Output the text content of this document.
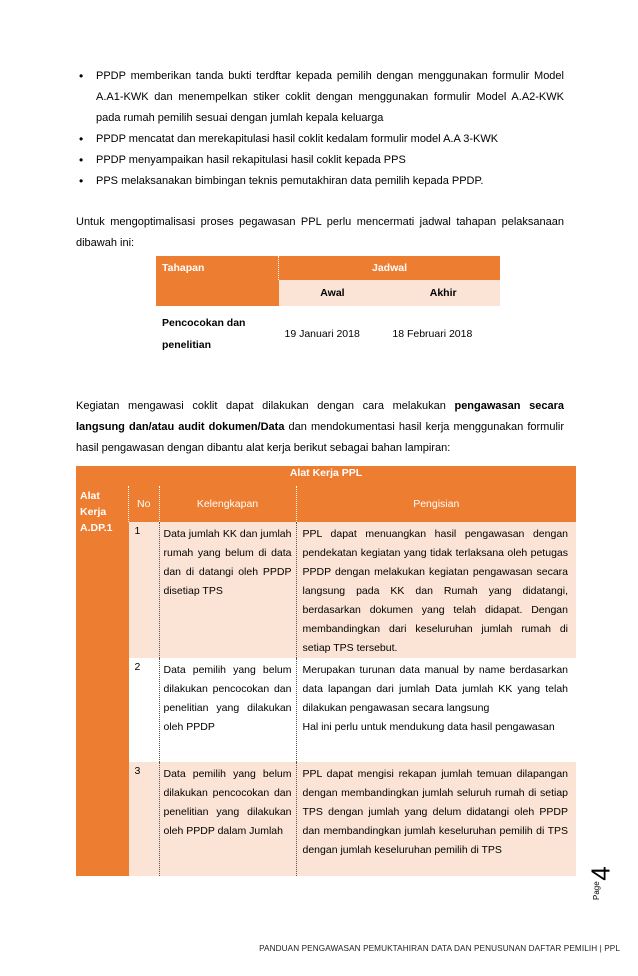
• PPDP memberikan tanda bukti terdftar kepada pemilih dengan menggunakan formulir Model A.A1-KWK dan menempelkan stiker coklit dengan menggunakan formulir Model A.A2-KWK pada rumah pemilih sesuai dengan jumlah kepala keluarga
• PPDP mencatat dan merekapitulasi hasil coklit kedalam formulir model A.A 3-KWK
• PPDP menyampaikan hasil rekapitulasi hasil coklit kepada PPS
• PPS melaksanakan bimbingan teknis pemutakhiran data pemilih kepada PPDP.

Untuk mengoptimalisasi proses pegawasan PPL perlu mencermati jadwal tahapan pelaksanaan dibawah ini:

Tahapan	Jadwal	
	Awal	Akhir
Pencocokan dan penelitian	19 Januari 2018	18 Februari 2018

Kegiatan mengawasi coklit dapat dilakukan dengan cara melakukan pengawasan secara langsung dan/atau audit dokumen/Data dan mendokumentasi hasil kerja menggunakan formulir hasil pengawasan dengan dibantu alat kerja berikut sebagai bahan lampiran:

Alat Kerja PPL			
Alat Kerja	No	Kelengkapan	Pengisian
A.DP.1	1	Data jumlah KK dan jumlah rumah yang belum di data dan di datangi oleh PPDP disetiap TPS	PPL dapat menuangkan hasil pengawasan dengan pendekatan kegiatan yang tidak terlaksana oleh petugas PPDP dengan melakukan kegiatan pengawasan secara langsung pada KK dan Rumah yang didatangi, berdasarkan dokumen yang telah didapat. Dengan membandingkan dari keseluruhan jumlah rumah di setiap TPS tersebut.
	2	Data pemilih yang belum dilakukan pencocokan dan penelitian yang dilakukan oleh PPDP	Merupakan turunan data manual by name berdasarkan data lapangan dari jumlah Data jumlah KK yang telah dilakukan pengawasan secara langsung
Hal ini perlu untuk mendukung data hasil pengawasan

	3	Data pemilih yang belum dilakukan pencocokan dan penelitian yang dilakukan oleh PPDP dalam Jumlah	PPL dapat mengisi rekapan jumlah temuan dilapangan dengan membandingkan jumlah seluruh rumah di setiap TPS dengan jumlah yang delum didatangi oleh PPDP dan membandingkan jumlah keseluruhan pemilih di TPS dengan jumlah keseluruhan pemilih di TPS
Page
4
PANDUAN PENGAWASAN PEMUKTAHIRAN DATA DAN PENUSUNAN DAFTAR PEMILIH | PPL
